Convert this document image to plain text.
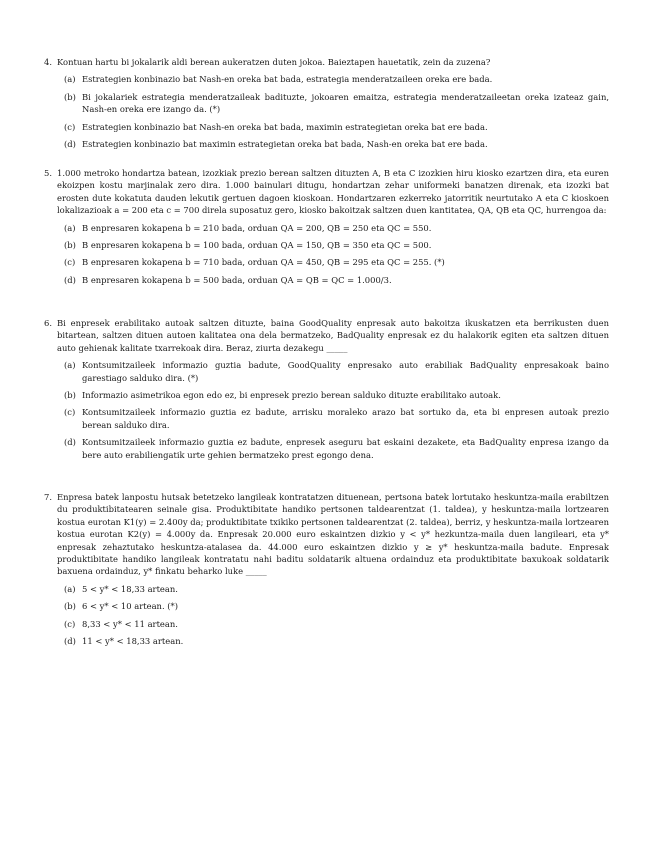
4. Kontuan hartu bi jokalarik aldi berean aukeratzen duten jokoa. Baieztapen hauetatik, zein da zuzena?
(a) Estrategien konbinazio bat Nash-en oreka bat bada, estrategia menderatzaileen oreka ere bada.
(b) Bi jokalariek estrategia menderatzaileak badituzte, jokoaren emaitza, estrategia menderatzaileetan oreka izateaz gain, Nash-en oreka ere izango da. (*)
(c) Estrategien konbinazio bat Nash-en oreka bat bada, maximin estrategietan oreka bat ere bada.
(d) Estrategien konbinazio bat maximin estrategietan oreka bat bada, Nash-en oreka bat ere bada.
5. 1.000 metroko hondartza batean, izozkiak prezio berean saltzen dituzten A, B eta C izozkien hiru kiosko ezartzen dira, eta euren ekoizpen kostu marjinalak zero dira. 1.000 bainulari ditugu, hondartzan zehar uniformeki banatzen direnak, eta izozki bat erosten dute kokatuta dauden lekutik gertuen dagoen kioskoan. Hondartzaren ezkerreko jatorritik neurtutako A eta C kioskoen lokalizazioak a = 200 eta c = 700 direla suposatuz gero, kiosko bakoitzak saltzen duen kantitatea, QA, QB eta QC, hurrengoa da:
(a) B enpresaren kokapena b = 210 bada, orduan QA = 200, QB = 250 eta QC = 550.
(b) B enpresaren kokapena b = 100 bada, orduan QA = 150, QB = 350 eta QC = 500.
(c) B enpresaren kokapena b = 710 bada, orduan QA = 450, QB = 295 eta QC = 255. (*)
(d) B enpresaren kokapena b = 500 bada, orduan QA = QB = QC = 1.000/3.
6. Bi enpresek erabilitako autoak saltzen dituzte, baina GoodQuality enpresak auto bakoitza ikuskatzen eta berrikusten duen bitartean, saltzen dituen autoen kalitatea ona dela bermatzeko, BadQuality enpresak ez du halakorik egiten eta saltzen dituen auto gehienak kalitate txarrekoak dira. Beraz, ziurta dezakegu _____
(a) Kontsumitzaileek informazio guztia badute, GoodQuality enpresako auto erabiliak BadQuality enpresakoak baino garestiago salduko dira. (*)
(b) Informazio asimetrikoa egon edo ez, bi enpresek prezio berean salduko dituzte erabilitako autoak.
(c) Kontsumitzaileek informazio guztia ez badute, arrisku moraleko arazo bat sortuko da, eta bi enpresen autoak prezio berean salduko dira.
(d) Kontsumitzaileek informazio guztia ez badute, enpresek aseguru bat eskaini dezakete, eta BadQuality enpresa izango da bere auto erabiliengatik urte gehien bermatzeko prest egongo dena.
7. Enpresa batek lanpostu hutsak betetzeko langileak kontratatzen dituenean, pertsona batek lortutako heskuntza-maila erabiltzen du produktibitatearen seinale gisa. Produktibitate handiko pertsonen taldearentzat (1. taldea), y heskuntza-maila lortzearen kostua eurotan K1(y) = 2.400y da; produktibitate txikiko pertsonen taldearentzat (2. taldea), berriz, y heskuntza-maila lortzearen kostua eurotan K2(y) = 4.000y da. Enpresak 20.000 euro eskaintzen dizkio y < y* hezkuntza-maila duen langileari, eta y* enpresak zehaztutako heskuntza-atalasea da. 44.000 euro eskaintzen dizkio y ≥ y* heskuntza-maila badute. Enpresak produktibitate handiko langileak kontratatu nahi baditu soldatarik altuena ordainduz eta produktibitate baxukoak soldatarik baxuena ordainduz, y* finkatu beharko luke _____
(a) 5 < y* < 18,33 artean.
(b) 6 < y* < 10 artean. (*)
(c) 8,33 < y* < 11 artean.
(d) 11 < y* < 18,33 artean.
